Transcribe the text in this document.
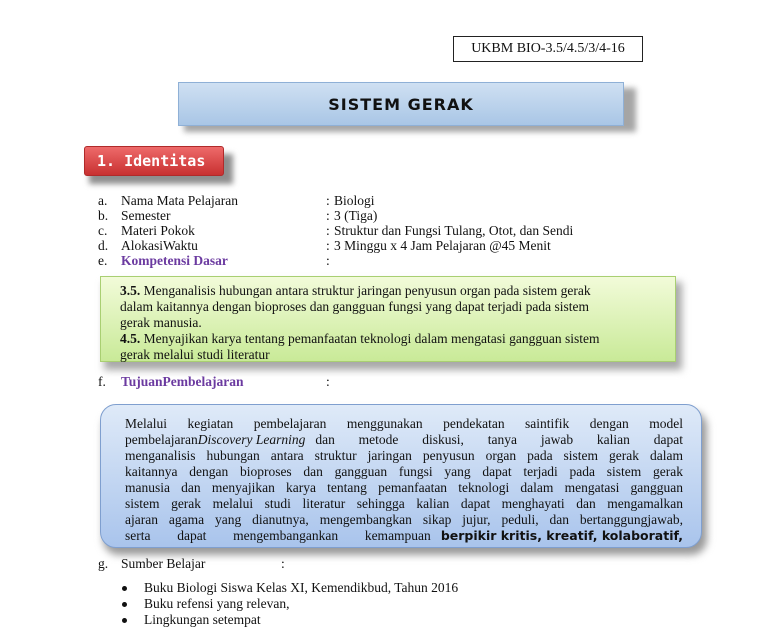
UKBM BIO-3.5/4.5/3/4-16
SISTEM GERAK
1. Identitas
a. Nama Mata Pelajaran	: Biologi
b. Semester	: 3 (Tiga)
c. Materi Pokok	: Struktur dan Fungsi Tulang, Otot, dan Sendi
d. AlokasiWaktu	: 3 Minggu x 4 Jam Pelajaran @45 Menit
e. Kompetensi Dasar	:

3.5. Menganalisis hubungan antara struktur jaringan penyusun organ pada sistem gerak

dalam kaitannya dengan bioproses dan gangguan fungsi yang dapat terjadi pada sistem

gerak manusia.

4.5. Menyajikan karya tentang pemanfaatan teknologi dalam mengatasi gangguan sistem

gerak melalui studi literatur

f. TujuanPembelajaran	:
Melalui kegiatan pembelajaran menggunakan pendekatan saintifik dengan model
pembelajaran Discovery Learning dan metode diskusi, tanya jawab kalian dapat
menganalisis hubungan antara struktur jaringan penyusun organ pada sistem gerak dalam
kaitannya dengan bioproses dan gangguan fungsi yang dapat terjadi pada sistem gerak
manusia dan menyajikan karya tentang pemanfaatan teknologi dalam mengatasi gangguan
sistem gerak melalui studi literatur sehingga kalian dapat menghayati dan mengamalkan
ajaran agama yang dianutnya, mengembangkan sikap jujur, peduli, dan bertanggungjawab,
serta dapat mengembangankan kemampuan berpikir kritis, kreatif, kolaboratif,
g. Sumber Belajar	:
Buku Biologi Siswa Kelas XI, Kemendikbud, Tahun 2016
Buku refensi yang relevan,
Lingkungan setempat
